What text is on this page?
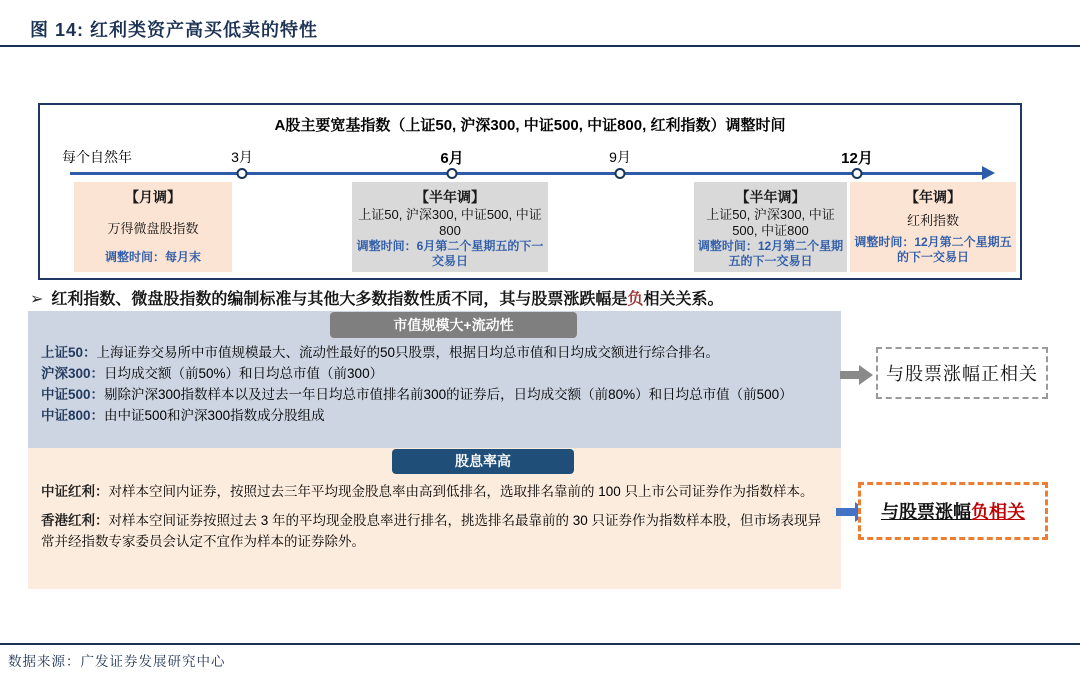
图 14: 红利类资产高买低卖的特性
A股主要宽基指数（上证50, 沪深300, 中证500, 中证800, 红利指数）调整时间
每个自然年	3月	6月	9月	12月
【月调】
万得微盘股指数
调整时间：每月末
【半年调】
上证50, 沪深300, 中证500, 中证800
调整时间：6月第二个星期五的下一交易日
【半年调】
上证50, 沪深300, 中证500, 中证800
调整时间：12月第二个星期五的下一交易日
【年调】
红利指数
调整时间：12月第二个星期五的下一交易日
➢ 红利指数、微盘股指数的编制标准与其他大多数指数性质不同，其与股票涨跌幅是负相关关系。
市值规模大+流动性
上证50：上海证券交易所中市值规模最大、流动性最好的50只股票，根据日均总市值和日均成交额进行综合排名。
沪深300：日均成交额（前50%）和日均总市值（前300）
中证500：剔除沪深300指数样本以及过去一年日均总市值排名前300的证券后，日均成交额（前80%）和日均总市值（前500）
中证800：由中证500和沪深300指数成分股组成
股息率高
中证红利：对样本空间内证券，按照过去三年平均现金股息率由高到低排名，选取排名靠前的 100 只上市公司证券作为指数样本。
香港红利：对样本空间证券按照过去 3 年的平均现金股息率进行排名，挑选排名最靠前的 30 只证券作为指数样本股，但市场表现异常并经指数专家委员会认定不宜作为样本的证券除外。
与股票涨幅正相关
与股票涨幅 负相关
数据来源：广发证券发展研究中心
